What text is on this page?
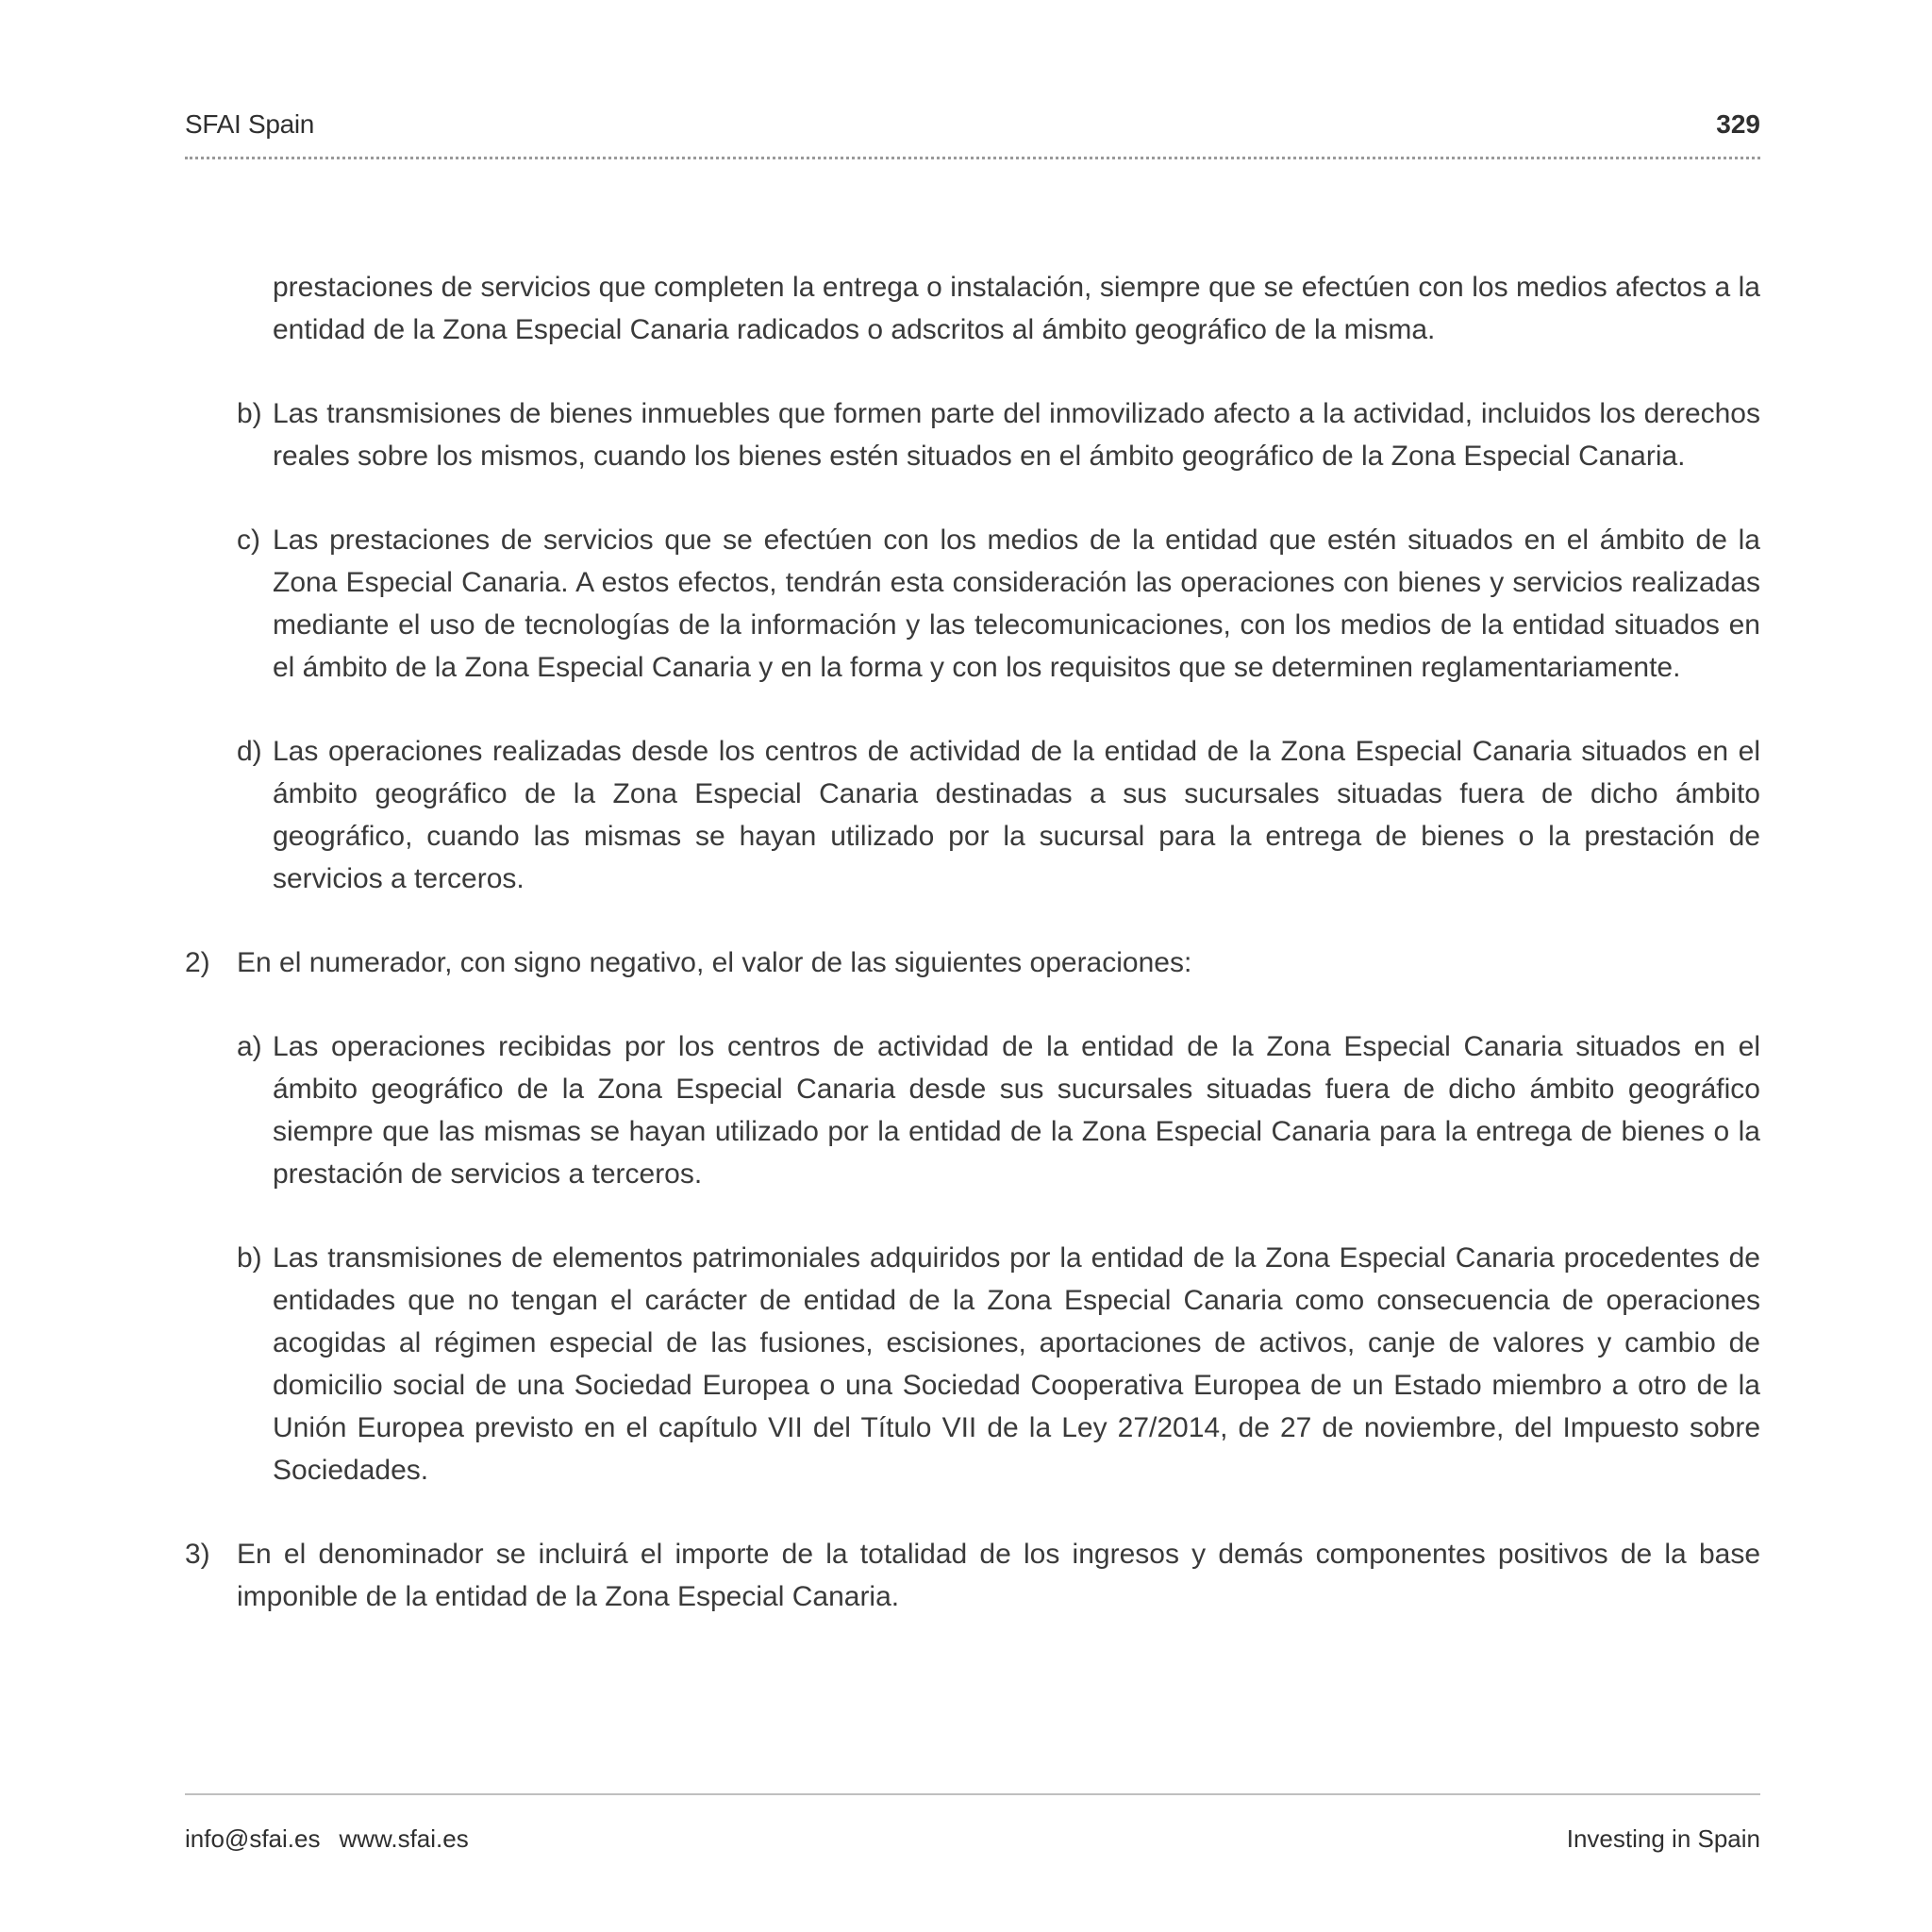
SFAI Spain	329

prestaciones de servicios que completen la entrega o instalación, siempre que se efectúen con los medios afectos a la entidad de la Zona Especial Canaria radicados o adscritos al ámbito geográfico de la misma.

b) Las transmisiones de bienes inmuebles que formen parte del inmovilizado afecto a la actividad, incluidos los derechos reales sobre los mismos, cuando los bienes estén situados en el ámbito geográfico de la Zona Especial Canaria.

c) Las prestaciones de servicios que se efectúen con los medios de la entidad que estén situados en el ámbito de la Zona Especial Canaria. A estos efectos, tendrán esta consideración las operaciones con bienes y servicios realizadas mediante el uso de tecnologías de la información y las telecomunicaciones, con los medios de la entidad situados en el ámbito de la Zona Especial Canaria y en la forma y con los requisitos que se determinen reglamentariamente.

d) Las operaciones realizadas desde los centros de actividad de la entidad de la Zona Especial Canaria situados en el ámbito geográfico de la Zona Especial Canaria destinadas a sus sucursales situadas fuera de dicho ámbito geográfico, cuando las mismas se hayan utilizado por la sucursal para la entrega de bienes o la prestación de servicios a terceros.

2) En el numerador, con signo negativo, el valor de las siguientes operaciones:

a) Las operaciones recibidas por los centros de actividad de la entidad de la Zona Especial Canaria situados en el ámbito geográfico de la Zona Especial Canaria desde sus sucursales situadas fuera de dicho ámbito geográfico siempre que las mismas se hayan utilizado por la entidad de la Zona Especial Canaria para la entrega de bienes o la prestación de servicios a terceros.

b) Las transmisiones de elementos patrimoniales adquiridos por la entidad de la Zona Especial Canaria procedentes de entidades que no tengan el carácter de entidad de la Zona Especial Canaria como consecuencia de operaciones acogidas al régimen especial de las fusiones, escisiones, aportaciones de activos, canje de valores y cambio de domicilio social de una Sociedad Europea o una Sociedad Cooperativa Europea de un Estado miembro a otro de la Unión Europea previsto en el capítulo VII del Título VII de la Ley 27/2014, de 27 de noviembre, del Impuesto sobre Sociedades.

3) En el denominador se incluirá el importe de la totalidad de los ingresos y demás componentes positivos de la base imponible de la entidad de la Zona Especial Canaria.

info@sfai.es www.sfai.es	Investing in Spain
